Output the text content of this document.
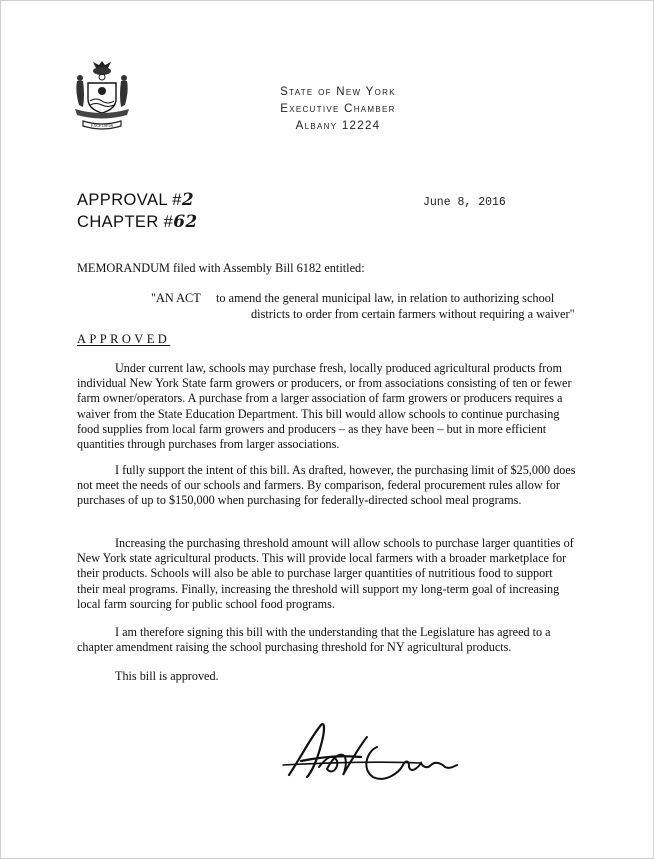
EXCELSIOR
State of New York
Executive Chamber
Albany 12224
APPROVAL #2
CHAPTER #62
June 8, 2016
MEMORANDUM filed with Assembly Bill 6182 entitled:
"AN ACT to amend the general municipal law, in relation to authorizing school
districts to order from certain farmers without requiring a waiver"
APPROVED

Under current law, schools may purchase fresh, locally produced agricultural products from individual New York State farm growers or producers, or from associations consisting of ten or fewer farm owner/operators. A purchase from a larger association of farm growers or producers requires a waiver from the State Education Department. This bill would allow schools to continue purchasing food supplies from local farm growers and producers – as they have been – but in more efficient quantities through purchases from larger associations.

I fully support the intent of this bill. As drafted, however, the purchasing limit of $25,000 does not meet the needs of our schools and farmers. By comparison, federal procurement rules allow for purchases of up to $150,000 when purchasing for federally-directed school meal programs.

Increasing the purchasing threshold amount will allow schools to purchase larger quantities of New York state agricultural products. This will provide local farmers with a broader marketplace for their products. Schools will also be able to purchase larger quantities of nutritious food to support their meal programs. Finally, increasing the threshold will support my long-term goal of increasing local farm sourcing for public school food programs.

I am therefore signing this bill with the understanding that the Legislature has agreed to a chapter amendment raising the school purchasing threshold for NY agricultural products.

This bill is approved.
